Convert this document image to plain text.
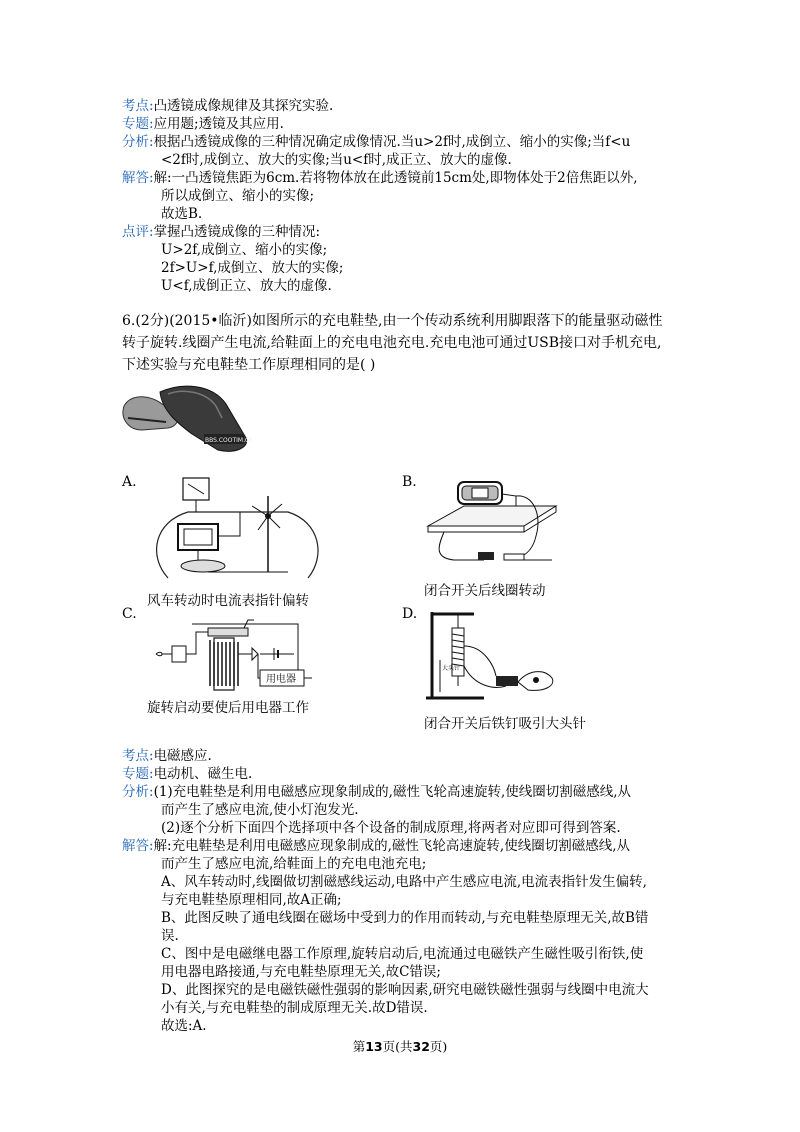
考点:凸透镜成像规律及其探究实验.
专题:应用题;透镜及其应用.
分析:根据凸透镜成像的三种情况确定成像情况.当u>2f时,成倒立、缩小的实像;当f<u
<2f时,成倒立、放大的实像;当u<f时,成正立、放大的虚像.
解答:解:一凸透镜焦距为6cm.若将物体放在此透镜前15cm处,即物体处于2倍焦距以外,
所以成倒立、缩小的实像;
故选B.
点评:掌握凸透镜成像的三种情况:
U>2f,成倒立、缩小的实像;
2f>U>f,成倒立、放大的实像;
U<f,成倒正立、放大的虚像.
6.(2分)(2015•临沂)如图所示的充电鞋垫,由一个传动系统利用脚跟落下的能量驱动磁性
转子旋转.线圈产生电流,给鞋面上的充电电池充电.充电电池可通过USB接口对手机充电,
下述实验与充电鞋垫工作原理相同的是( )
BBS.COOTIM.CN
A.
风车转动时电流表指针偏转
B.
闭合开关后线圈转动
C.
用电器
旋转启动要使后用电器工作
D.
大头针
闭合开关后铁钉吸引大头针
考点:电磁感应.
专题:电动机、磁生电.
分析:(1)充电鞋垫是利用电磁感应现象制成的,磁性飞轮高速旋转,使线圈切割磁感线,从
而产生了感应电流,使小灯泡发光.
(2)逐个分析下面四个选择项中各个设备的制成原理,将两者对应即可得到答案.
解答:解:充电鞋垫是利用电磁感应现象制成的,磁性飞轮高速旋转,使线圈切割磁感线,从
而产生了感应电流,给鞋面上的充电电池充电;
A、风车转动时,线圈做切割磁感线运动,电路中产生感应电流,电流表指针发生偏转,
与充电鞋垫原理相同,故A正确;
B、此图反映了通电线圈在磁场中受到力的作用而转动,与充电鞋垫原理无关,故B错
误.
C、图中是电磁继电器工作原理,旋转启动后,电流通过电磁铁产生磁性吸引衔铁,使
用电器电路接通,与充电鞋垫原理无关,故C错误;
D、此图探究的是电磁铁磁性强弱的影响因素,研究电磁铁磁性强弱与线圈中电流大
小有关,与充电鞋垫的制成原理无关.故D错误.
故选:A.
第13页(共32页)
